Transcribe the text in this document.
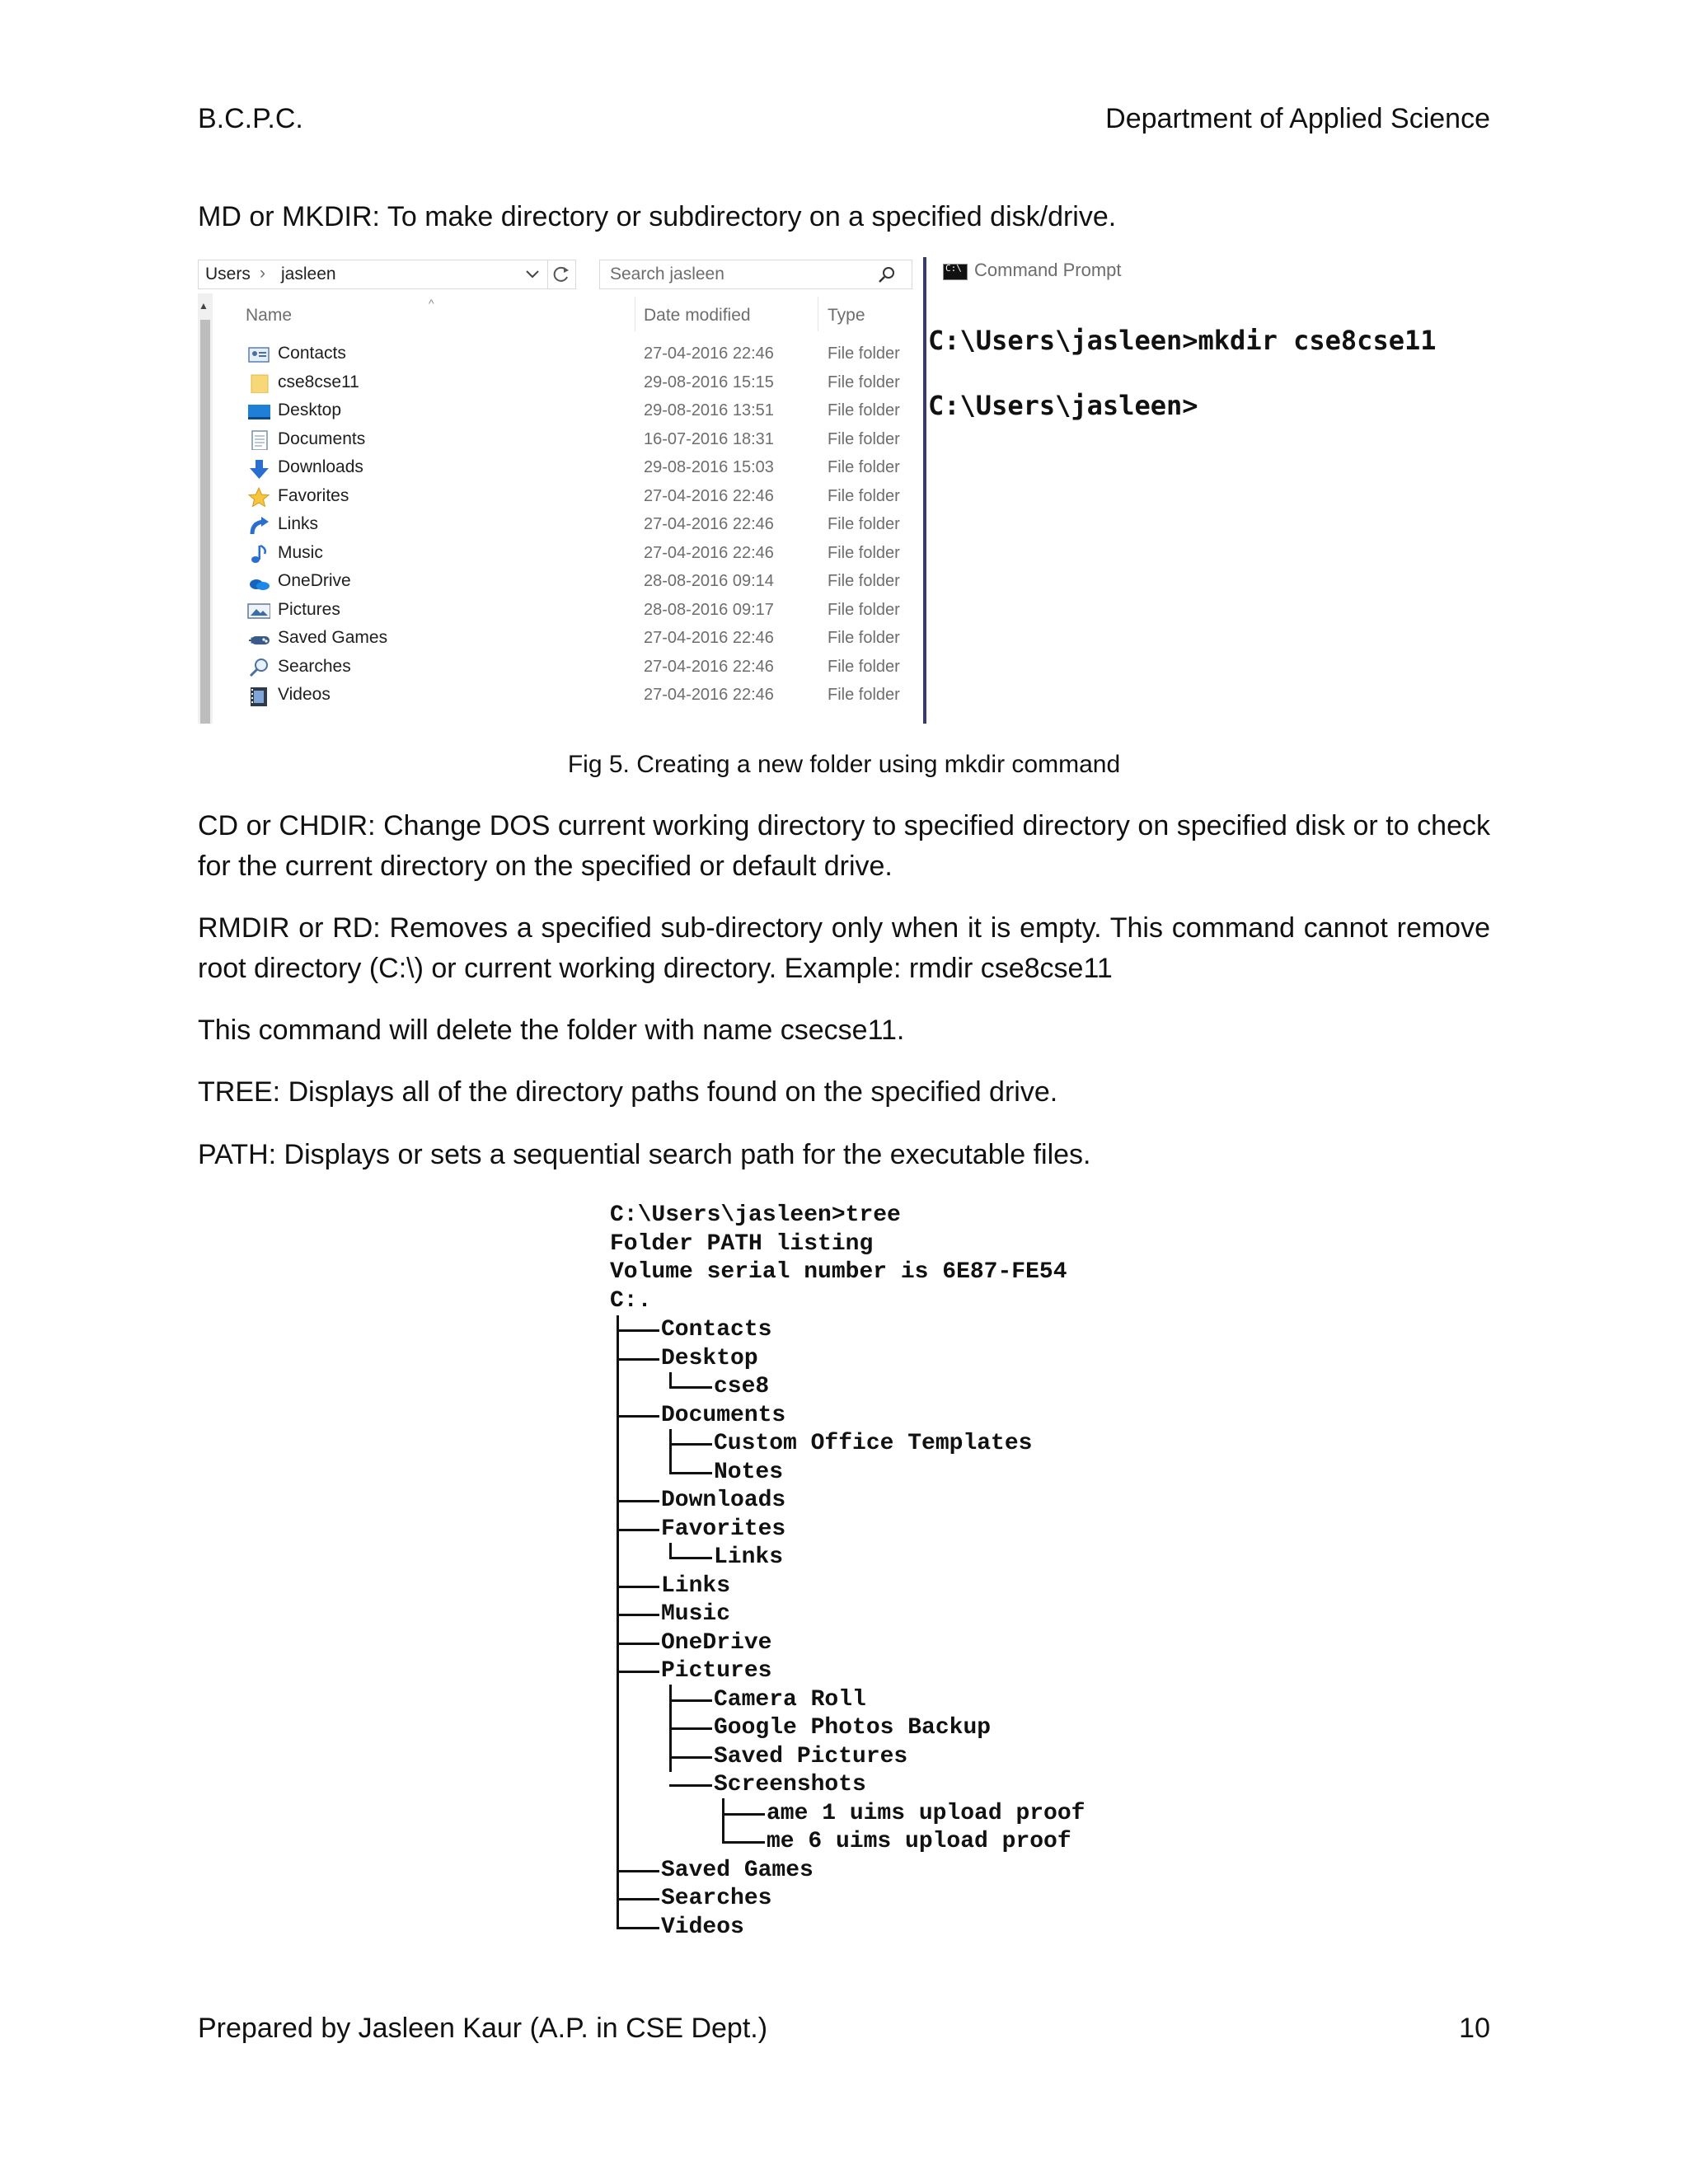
B.C.P.C.	Department of Applied Science
MD or MKDIR: To make directory or subdirectory on a specified disk/drive.
Users › jasleen	Search jasleen
▲ Name
^
Date modified	Type
Contacts	27-04-2016 22:46	File folder
cse8cse11	29-08-2016 15:15	File folder
Desktop	29-08-2016 13:51	File folder
Documents	16-07-2016 18:31	File folder
Downloads	29-08-2016 15:03	File folder
Favorites	27-04-2016 22:46	File folder
Links	27-04-2016 22:46	File folder
Music	27-04-2016 22:46	File folder
OneDrive	28-08-2016 09:14	File folder
Pictures	28-08-2016 09:17	File folder
Saved Games	27-04-2016 22:46	File folder
Searches	27-04-2016 22:46	File folder
Videos	27-04-2016 22:46	File folder
C:\ Command Prompt
C:\Users\jasleen>mkdir cse8cse11
C:\Users\jasleen>
Fig 5. Creating a new folder using mkdir command
CD or CHDIR: Change DOS current working directory to specified directory on specified disk or to check for the current directory on the specified or default drive.
RMDIR or RD: Removes a specified sub-directory only when it is empty. This command cannot remove root directory (C:\) or current working directory. Example: rmdir cse8cse11
This command will delete the folder with name csecse11.
TREE: Displays all of the directory paths found on the specified drive.
PATH: Displays or sets a sequential search path for the executable files.
C:\Users\jasleen>tree
Folder PATH listing
Volume serial number is 6E87-FE54
C:.
Contacts
Desktop
cse8
Documents
Custom Office Templates
Notes
Downloads
Favorites
Links
Links
Music
OneDrive
Pictures
Camera Roll
Google Photos Backup
Saved Pictures
Screenshots
ame 1 uims upload proof
me 6 uims upload proof
Saved Games
Searches
Videos
Prepared by Jasleen Kaur (A.P. in CSE Dept.)	10
